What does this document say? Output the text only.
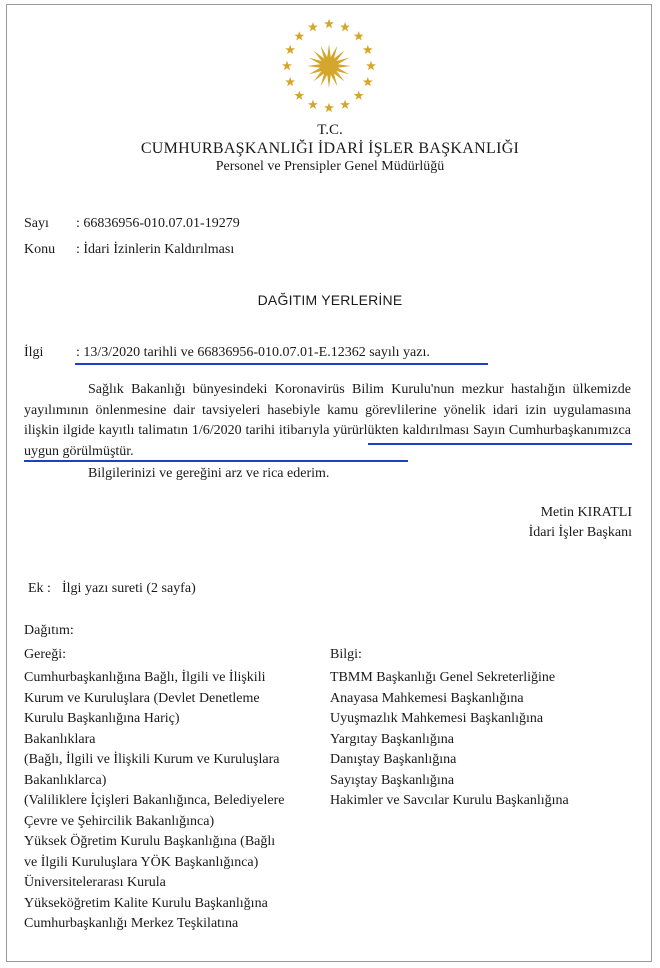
T.C.
CUMHURBAŞKANLIĞI İDARİ İŞLER BAŞKANLIĞI
Personel ve Prensipler Genel Müdürlüğü
Sayı : 66836956-010.07.01-19279
Konu : İdari İzinlerin Kaldırılması
DAĞITIM YERLERİNE
İlgi : 13/3/2020 tarihli ve 66836956-010.07.01-E.12362 sayılı yazı.
Sağlık Bakanlığı bünyesindeki Koronavirüs Bilim Kurulu'nun mezkur hastalığın ülkemizde yayılımının önlenmesine dair tavsiyeleri hasebiyle kamu görevlilerine yönelik idari izin uygulamasına ilişkin ilgide kayıtlı talimatın 1/6/2020 tarihi itibarıyla yürürlükten kaldırılması Sayın Cumhurbaşkanımızca uygun görülmüştür.
Bilgilerinizi ve gereğini arz ve rica ederim.
Metin KIRATLI
İdari İşler Başkanı
Ek : İlgi yazı sureti (2 sayfa)
Dağıtım:
Gereği:	Bilgi:
Cumhurbaşkanlığına Bağlı, İlgili ve İlişkili
Kurum ve Kuruluşlara (Devlet Denetleme
Kurulu Başkanlığına Hariç)
Bakanlıklara
(Bağlı, İlgili ve İlişkili Kurum ve Kuruluşlara
Bakanlıklarca)
(Valiliklere İçişleri Bakanlığınca, Belediyelere
Çevre ve Şehircilik Bakanlığınca)
Yüksek Öğretim Kurulu Başkanlığına (Bağlı
ve İlgili Kuruluşlara YÖK Başkanlığınca)
Üniversitelerarası Kurula
Yükseköğretim Kalite Kurulu Başkanlığına
Cumhurbaşkanlığı Merkez Teşkilatına
TBMM Başkanlığı Genel Sekreterliğine
Anayasa Mahkemesi Başkanlığına
Uyuşmazlık Mahkemesi Başkanlığına
Yargıtay Başkanlığına
Danıştay Başkanlığına
Sayıştay Başkanlığına
Hakimler ve Savcılar Kurulu Başkanlığına
